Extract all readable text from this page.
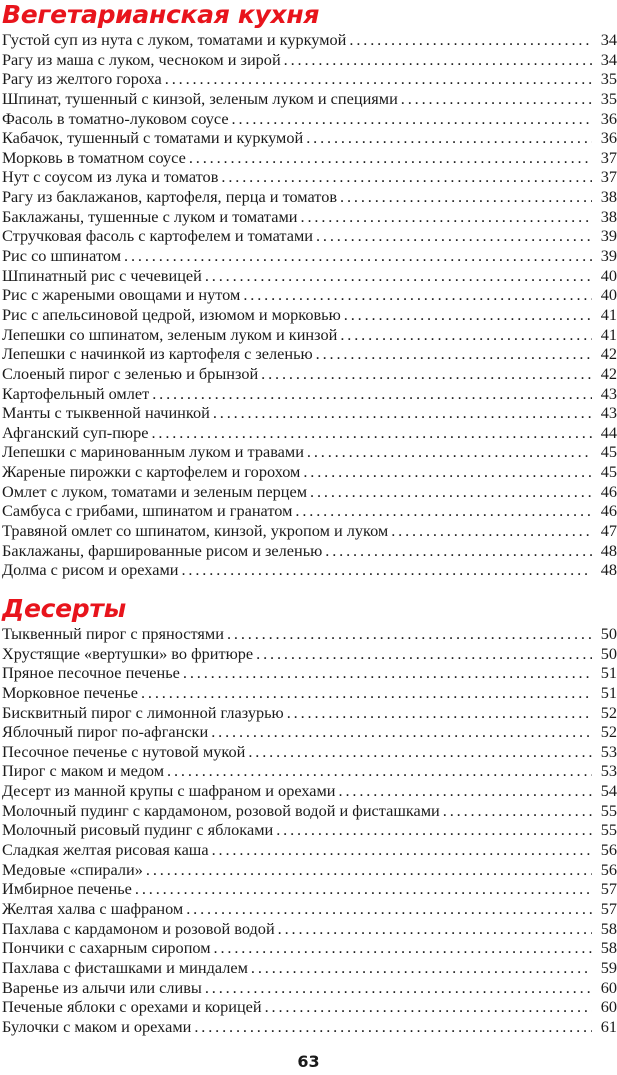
Вегетарианская кухня
Густой суп из нута с луком, томатами и куркумой . . .	34
Рагу из маша с луком, чесноком и зирой . . .	34
Рагу из желтого гороха . . .	35
Шпинат, тушенный с кинзой, зеленым луком и специями . . .	35
Фасоль в томатно-луковом соусе . . .	36
Кабачок, тушенный с томатами и куркумой . . .	36
Морковь в томатном соусе . . .	37
Нут с соусом из лука и томатов . . .	37
Рагу из баклажанов, картофеля, перца и томатов . . .	38
Баклажаны, тушенные с луком и томатами . . .	38
Стручковая фасоль с картофелем и томатами . . .	39
Рис со шпинатом . . .	39
Шпинатный рис с чечевицей . . .	40
Рис с жареными овощами и нутом . . .	40
Рис с апельсиновой цедрой, изюмом и морковью . . .	41
Лепешки со шпинатом, зеленым луком и кинзой . . .	41
Лепешки с начинкой из картофеля с зеленью . . .	42
Слоеный пирог с зеленью и брынзой . . .	42
Картофельный омлет . . .	43
Манты с тыквенной начинкой . . .	43
Афганский суп-пюре . . .	44
Лепешки с маринованным луком и травами . . .	45
Жареные пирожки с картофелем и горохом . . .	45
Омлет с луком, томатами и зеленым перцем . . .	46
Самбуса с грибами, шпинатом и гранатом . . .	46
Травяной омлет со шпинатом, кинзой, укропом и луком . . .	47
Баклажаны, фаршированные рисом и зеленью . . .	48
Долма с рисом и орехами . . .	48
Десерты
Тыквенный пирог с пряностями . . .	50
Хрустящие «вертушки» во фритюре . . .	50
Пряное песочное печенье . . .	51
Морковное печенье . . .	51
Бисквитный пирог с лимонной глазурью . . .	52
Яблочный пирог по-афгански . . .	52
Песочное печенье с нутовой мукой . . .	53
Пирог с маком и медом . . .	53
Десерт из манной крупы с шафраном и орехами . . .	54
Молочный пудинг с кардамоном, розовой водой и фисташками . . .	55
Молочный рисовый пудинг с яблоками . . .	55
Сладкая желтая рисовая каша . . .	56
Медовые «спирали» . . .	56
Имбирное печенье . . .	57
Желтая халва с шафраном . . .	57
Пахлава с кардамоном и розовой водой . . .	58
Пончики с сахарным сиропом . . .	58
Пахлава с фисташками и миндалем . . .	59
Варенье из алычи или сливы . . .	60
Печеные яблоки с орехами и корицей . . .	60
Булочки с маком и орехами . . .	61
63
